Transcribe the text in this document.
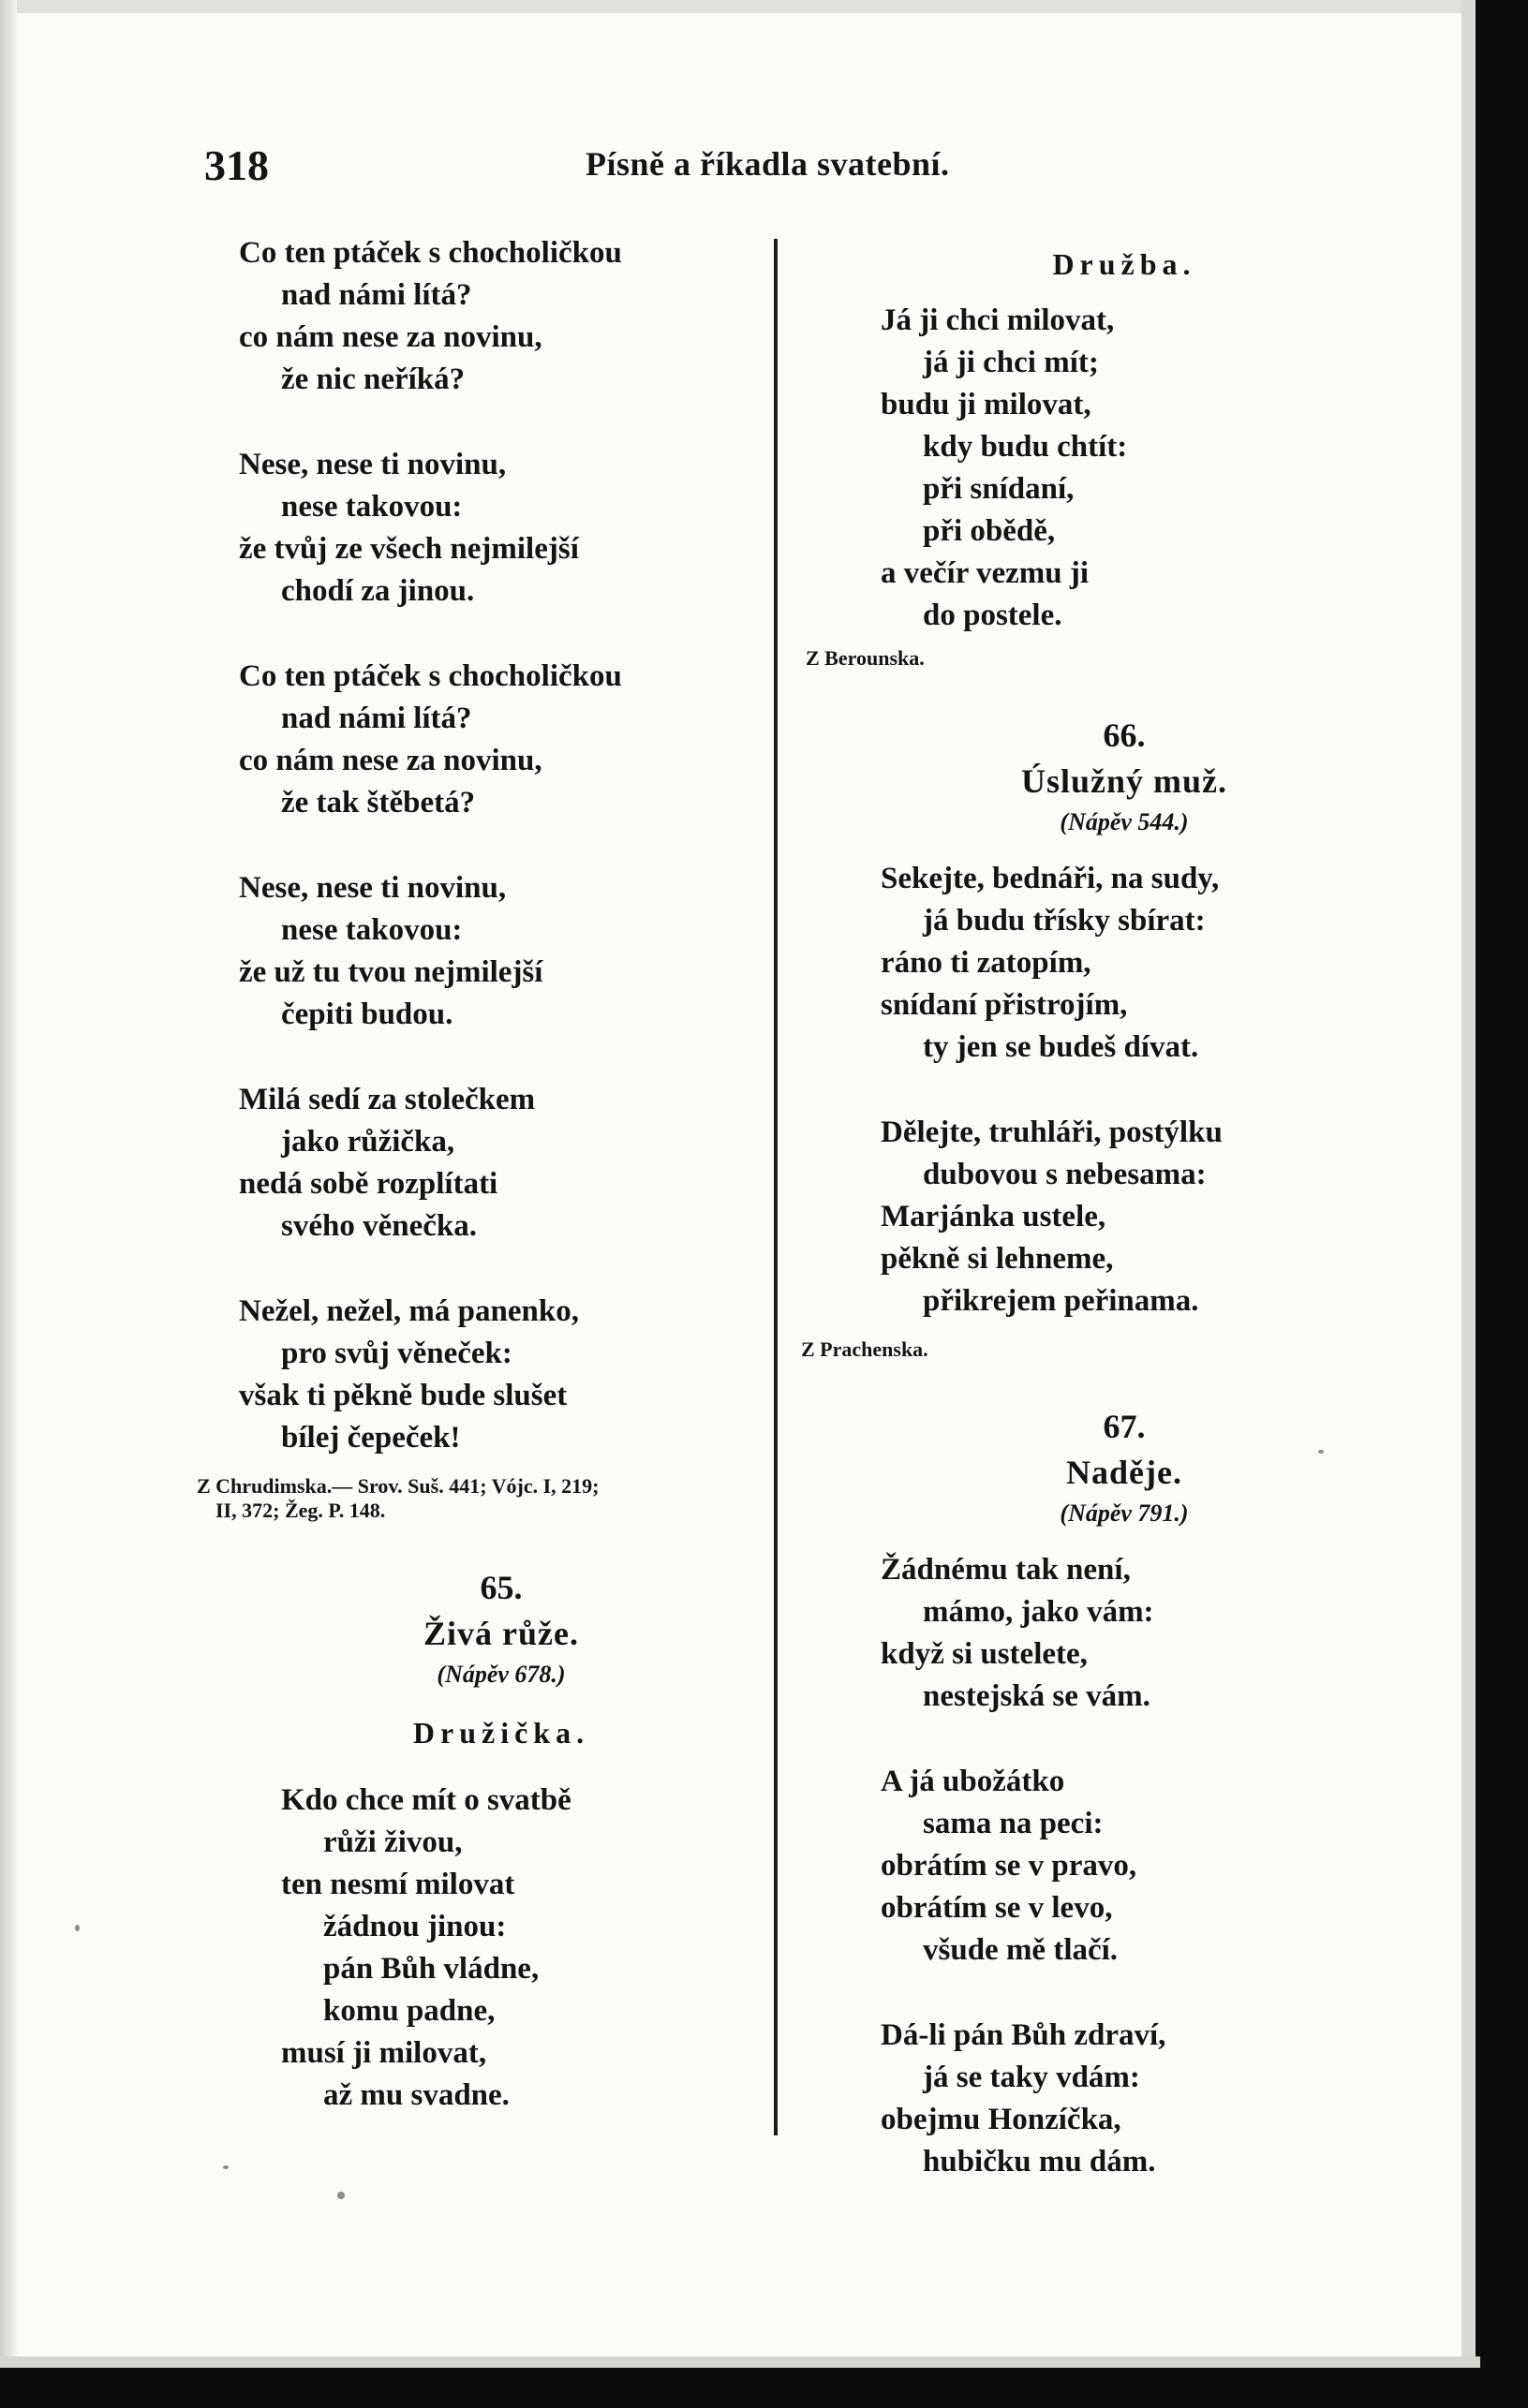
318	Písně a říkadla svatební.
Co ten ptáček s chocholičkou
nad námi lítá?
co nám nese za novinu,
že nic neříká?
Nese, nese ti novinu,
nese takovou:
že tvůj ze všech nejmilejší
chodí za jinou.
Co ten ptáček s chocholičkou
nad námi lítá?
co nám nese za novinu,
že tak štěbetá?
Nese, nese ti novinu,
nese takovou:
že už tu tvou nejmilejší
čepiti budou.
Milá sedí za stolečkem
jako růžička,
nedá sobě rozplítati
svého věnečka.
Nežel, nežel, má panenko,
pro svůj věneček:
však ti pěkně bude slušet
bílej čepeček!
Z Chrudimska.— Srov. Suš. 441; Vójc. I, 219;
II, 372; Žeg. P. 148.
65.
Živá růže.
(Nápěv 678.)
Družička.
Kdo chce mít o svatbě
růži živou,
ten nesmí milovat
žádnou jinou:
pán Bůh vládne,
komu padne,
musí ji milovat,
až mu svadne.
Družba.
Já ji chci milovat,
já ji chci mít;
budu ji milovat,
kdy budu chtít:
při snídaní,
při obědě,
a večír vezmu ji
do postele.
Z Berounska.
66.
Úslužný muž.
(Nápěv 544.)
Sekejte, bednáři, na sudy,
já budu třísky sbírat:
ráno ti zatopím,
snídaní přistrojím,
ty jen se budeš dívat.
Dělejte, truhláři, postýlku
dubovou s nebesama:
Marjánka ustele,
pěkně si lehneme,
přikrejem peřinama.
Z Prachenska.
67.
Naděje.
(Nápěv 791.)
Žádnému tak není,
mámo, jako vám:
když si ustelete,
nestejská se vám.
A já ubožátko
sama na peci:
obrátím se v pravo,
obrátím se v levo,
všude mě tlačí.
Dá-li pán Bůh zdraví,
já se taky vdám:
obejmu Honzíčka,
hubičku mu dám.
